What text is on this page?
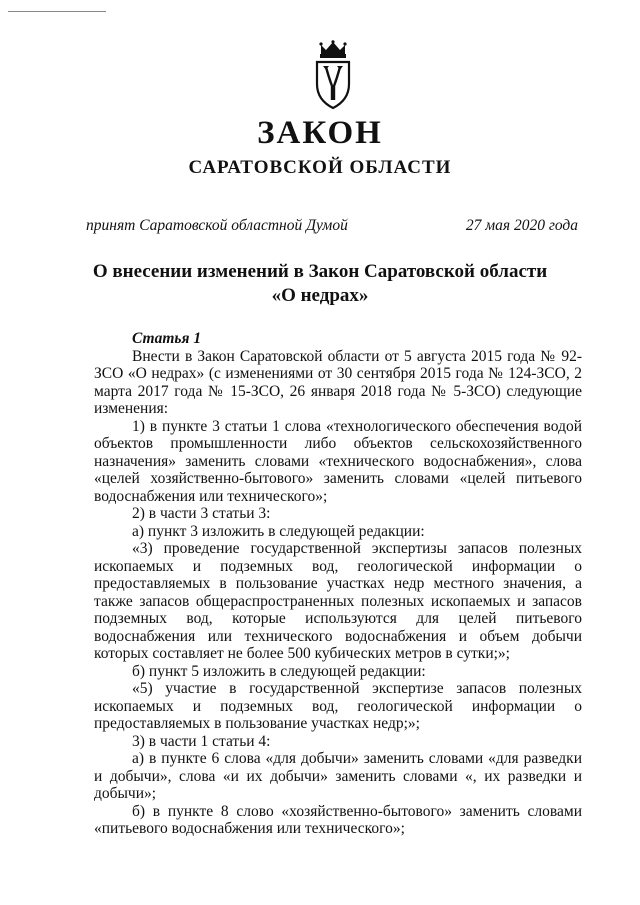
ЗАКОН
САРАТОВСКОЙ ОБЛАСТИ
принят Саратовской областной Думой	27 мая 2020 года
О внесении изменений в Закон Саратовской области
«О недрах»

Статья 1

Внести в Закон Саратовской области от 5 августа 2015 года № 92-ЗСО «О недрах» (с изменениями от 30 сентября 2015 года № 124-ЗСО, 2 марта 2017 года № 15-ЗСО, 26 января 2018 года № 5-ЗСО) следующие изменения:

1) в пункте 3 статьи 1 слова «технологического обеспечения водой объектов промышленности либо объектов сельскохозяйственного назначения» заменить словами «технического водоснабжения», слова «целей хозяйственно-бытового» заменить словами «целей питьевого водоснабжения или технического»;

2) в части 3 статьи 3:

а) пункт 3 изложить в следующей редакции:

«3) проведение государственной экспертизы запасов полезных ископаемых и подземных вод, геологической информации о предоставляемых в пользование участках недр местного значения, а также запасов общераспространенных полезных ископаемых и запасов подземных вод, которые используются для целей питьевого водоснабжения или технического водоснабжения и объем добычи которых составляет не более 500 кубических метров в сутки;»;

б) пункт 5 изложить в следующей редакции:

«5) участие в государственной экспертизе запасов полезных ископаемых и подземных вод, геологической информации о предоставляемых в пользование участках недр;»;

3) в части 1 статьи 4:

а) в пункте 6 слова «для добычи» заменить словами «для разведки и добычи», слова «и их добычи» заменить словами «, их разведки и добычи»;

б) в пункте 8 слово «хозяйственно-бытового» заменить словами «питьевого водоснабжения или технического»;
